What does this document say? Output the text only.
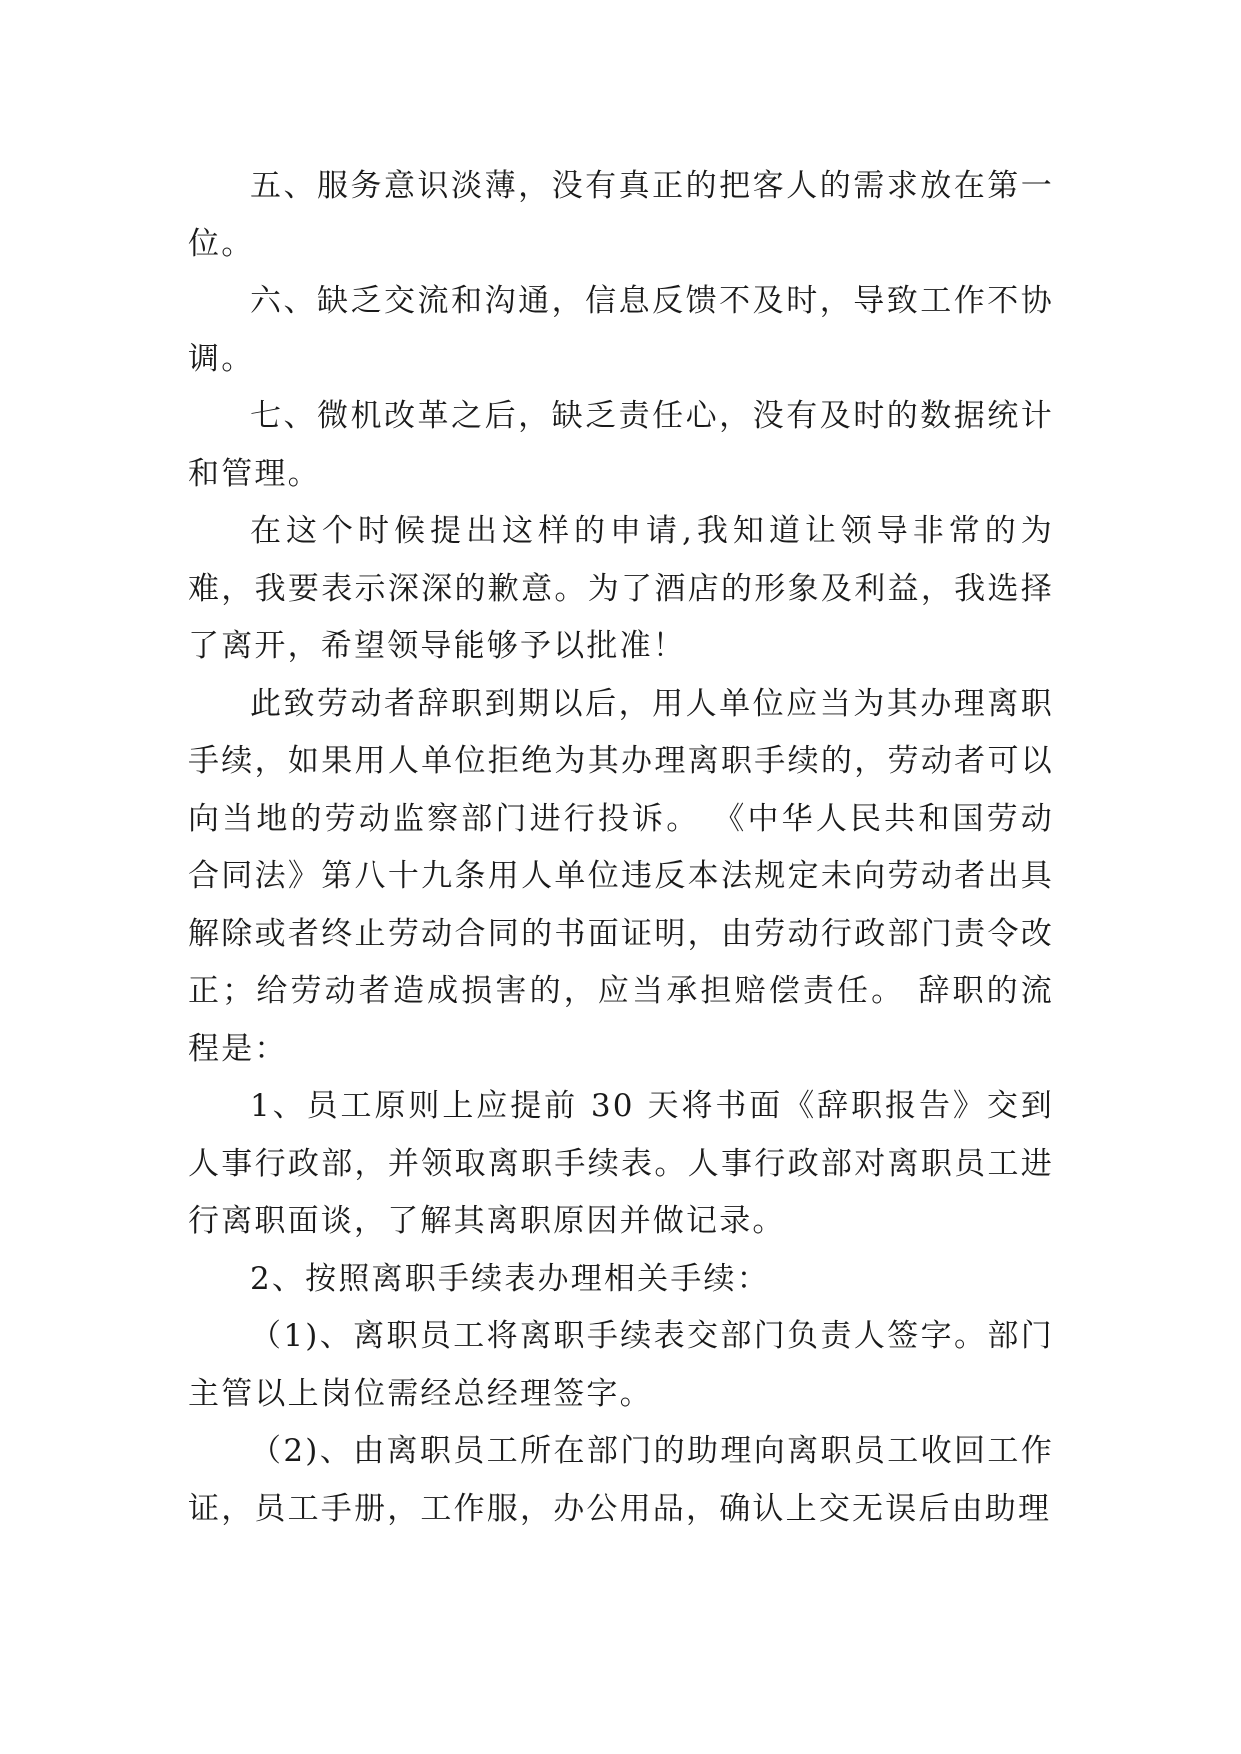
五、服务意识淡薄，没有真正的把客人的需求放在第一位。

六、缺乏交流和沟通，信息反馈不及时，导致工作不协调。

七、微机改革之后，缺乏责任心，没有及时的数据统计和管理。

在这个时候提出这样的申请,我知道让领导非常的为难，我要表示深深的歉意。为了酒店的形象及利益，我选择了离开，希望领导能够予以批准！

此致劳动者辞职到期以后，用人单位应当为其办理离职手续，如果用人单位拒绝为其办理离职手续的，劳动者可以向当地的劳动监察部门进行投诉。 《中华人民共和国劳动合同法》第八十九条用人单位违反本法规定未向劳动者出具解除或者终止劳动合同的书面证明，由劳动行政部门责令改正；给劳动者造成损害的，应当承担赔偿责任。 辞职的流程是：

1、员工原则上应提前 30 天将书面《辞职报告》交到人事行政部，并领取离职手续表。人事行政部对离职员工进行离职面谈，了解其离职原因并做记录。

2、按照离职手续表办理相关手续：

（1)、离职员工将离职手续表交部门负责人签字。部门主管以上岗位需经总经理签字。

（2)、由离职员工所在部门的助理向离职员工收回工作证，员工手册，工作服，办公用品，确认上交无误后由助理
